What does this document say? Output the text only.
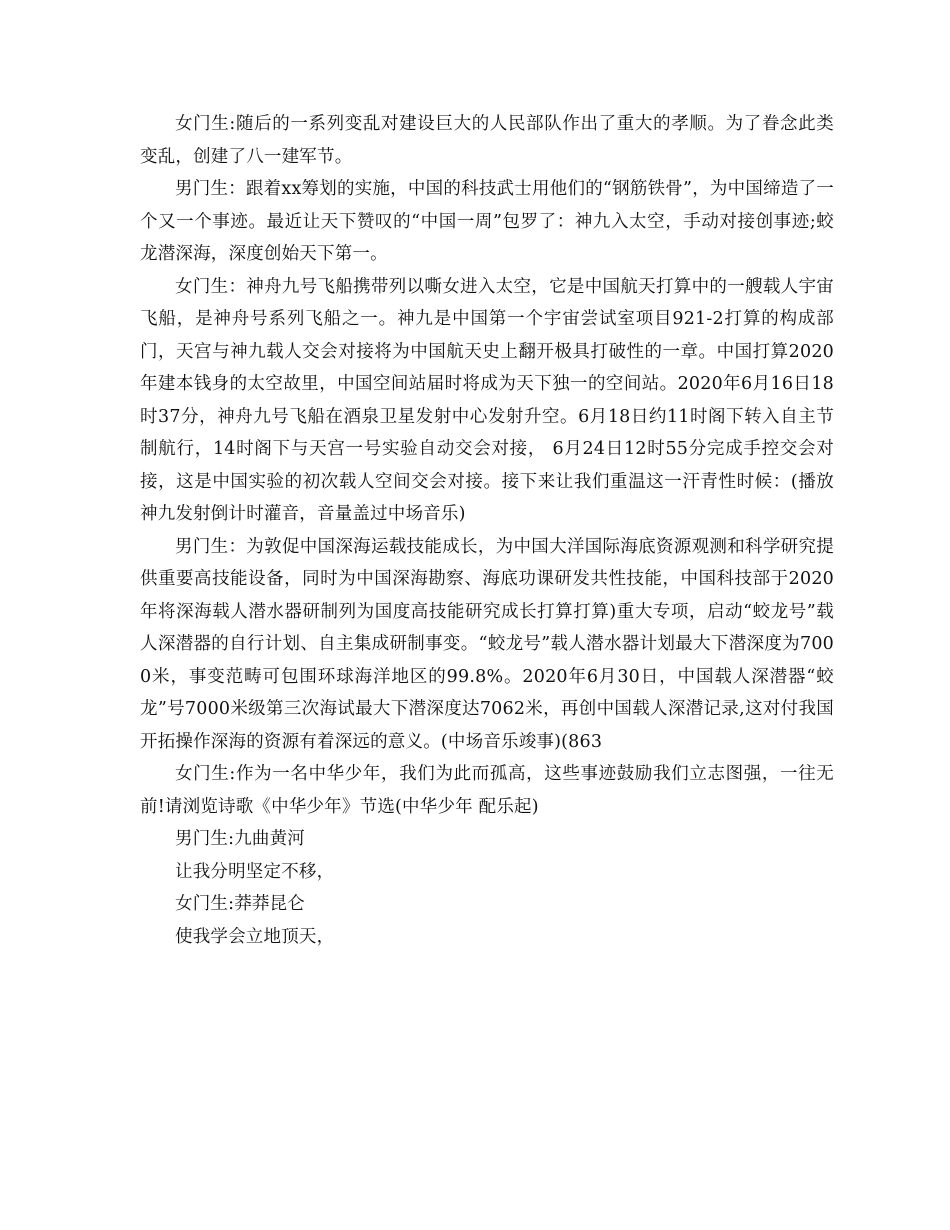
女门生:随后的一系列变乱对建设巨大的人民部队作出了重大的孝顺。为了眷念此类变乱，创建了八一建军节。

男门生：跟着xx筹划的实施，中国的科技武士用他们的“钢筋铁骨”，为中国缔造了一个又一个事迹。最近让天下赞叹的“中国一周”包罗了：神九入太空，手动对接创事迹;蛟龙潜深海，深度创始天下第一。

女门生：神舟九号飞船携带列以嘶女进入太空，它是中国航天打算中的一艘载人宇宙飞船，是神舟号系列飞船之一。神九是中国第一个宇宙尝试室项目921-2打算的构成部门，天宫与神九载人交会对接将为中国航天史上翻开极具打破性的一章。中国打算2020年建本钱身的太空故里，中国空间站届时将成为天下独一的空间站。2020年6月16日18时37分，神舟九号飞船在酒泉卫星发射中心发射升空。6月18日约11时阁下转入自主节制航行，14时阁下与天宫一号实验自动交会对接， 6月24日12时55分完成手控交会对接，这是中国实验的初次载人空间交会对接。接下来让我们重温这一汗青性时候：(播放神九发射倒计时灌音，音量盖过中场音乐)

男门生：为敦促中国深海运载技能成长，为中国大洋国际海底资源观测和科学研究提供重要高技能设备，同时为中国深海勘察、海底功课研发共性技能，中国科技部于2020年将深海载人潜水器研制列为国度高技能研究成长打算打算)重大专项，启动“蛟龙号”载人深潜器的自行计划、自主集成研制事变。“蛟龙号”载人潜水器计划最大下潜深度为7000米，事变范畴可包围环球海洋地区的99.8%。2020年6月30日，中国载人深潜器“蛟龙”号7000米级第三次海试最大下潜深度达7062米，再创中国载人深潜记录,这对付我国开拓操作深海的资源有着深远的意义。(中场音乐竣事)(863

女门生:作为一名中华少年，我们为此而孤高，这些事迹鼓励我们立志图强，一往无前!请浏览诗歌《中华少年》节选(中华少年 配乐起)

男门生:九曲黄河

让我分明坚定不移，

女门生:莽莽昆仑

使我学会立地顶天，
